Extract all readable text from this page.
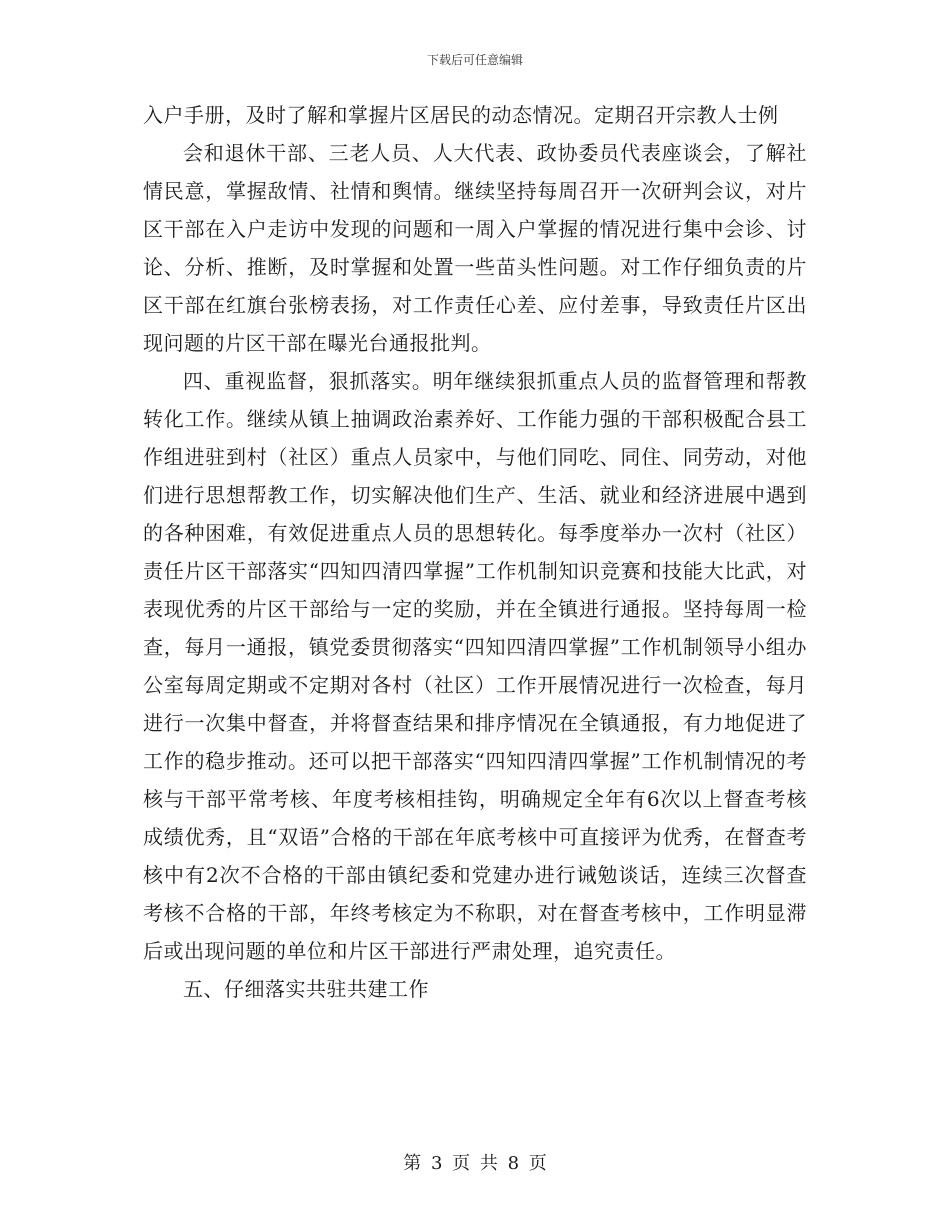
下载后可任意编辑

入户手册，及时了解和掌握片区居民的动态情况。定期召开宗教人士例

会和退休干部、三老人员、人大代表、政协委员代表座谈会，了解社情民意，掌握敌情、社情和舆情。继续坚持每周召开一次研判会议，对片区干部在入户走访中发现的问题和一周入户掌握的情况进行集中会诊、讨论、分析、推断，及时掌握和处置一些苗头性问题。对工作仔细负责的片区干部在红旗台张榜表扬，对工作责任心差、应付差事，导致责任片区出现问题的片区干部在曝光台通报批判。

四、重视监督，狠抓落实。明年继续狠抓重点人员的监督管理和帮教转化工作。继续从镇上抽调政治素养好、工作能力强的干部积极配合县工作组进驻到村（社区）重点人员家中，与他们同吃、同住、同劳动，对他们进行思想帮教工作，切实解决他们生产、生活、就业和经济进展中遇到的各种困难，有效促进重点人员的思想转化。每季度举办一次村（社区）责任片区干部落实“四知四清四掌握”工作机制知识竞赛和技能大比武，对表现优秀的片区干部给与一定的奖励，并在全镇进行通报。坚持每周一检查，每月一通报，镇党委贯彻落实“四知四清四掌握”工作机制领导小组办公室每周定期或不定期对各村（社区）工作开展情况进行一次检查，每月进行一次集中督查，并将督查结果和排序情况在全镇通报，有力地促进了工作的稳步推动。还可以把干部落实“四知四清四掌握”工作机制情况的考核与干部平常考核、年度考核相挂钩，明确规定全年有6次以上督查考核成绩优秀，且“双语”合格的干部在年底考核中可直接评为优秀，在督查考核中有2次不合格的干部由镇纪委和党建办进行诫勉谈话，连续三次督查考核不合格的干部，年终考核定为不称职，对在督查考核中，工作明显滞后或出现问题的单位和片区干部进行严肃处理，追究责任。

五、仔细落实共驻共建工作

第 3 页 共 8 页
